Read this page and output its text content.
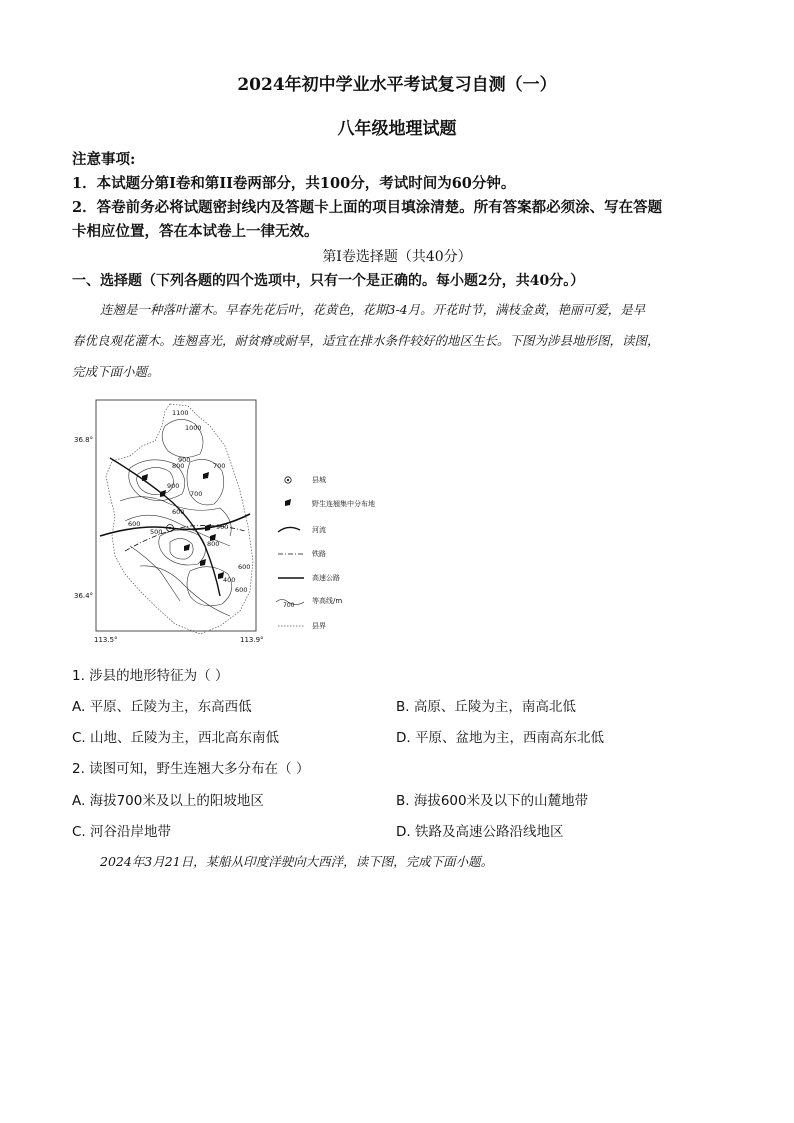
2024年初中学业水平考试复习自测（一）
八年级地理试题
注意事项:
1．本试题分第Ⅰ卷和第II卷两部分，共100分，考试时间为60分钟。
2．答卷前务必将试题密封线内及答题卡上面的项目填涂清楚。所有答案都必须涂、写在答题
卡相应位置，答在本试卷上一律无效。
第Ⅰ卷选择题（共40分）
一、选择题（下列各题的四个选项中，只有一个是正确的。每小题2分，共40分。）
连翘是一种落叶灌木。早春先花后叶，花黄色，花期3-4月。开花时节，满枝金黄，艳丽可爱，是早
春优良观花灌木。连翘喜光，耐贫瘠或耐旱，适宜在排水条件较好的地区生长。下图为涉县地形图，读图，
完成下面小题。
1100
1000
900
800
900
700
700
600
600
500
900
800
600
400
600
36.8°
36.4°
113.5°	113.9°
县城
野生连翘集中分布地
河流
铁路
高速公路
700
等高线/m
县界
1. 涉县的地形特征为（ ）
A. 平原、丘陵为主，东高西低	B. 高原、丘陵为主，南高北低
C. 山地、丘陵为主，西北高东南低	D. 平原、盆地为主，西南高东北低
2. 读图可知，野生连翘大多分布在（ ）
A. 海拔700米及以上的阳坡地区	B. 海拔600米及以下的山麓地带
C. 河谷沿岸地带	D. 铁路及高速公路沿线地区
2024年3月21日，某船从印度洋驶向大西洋，读下图，完成下面小题。
